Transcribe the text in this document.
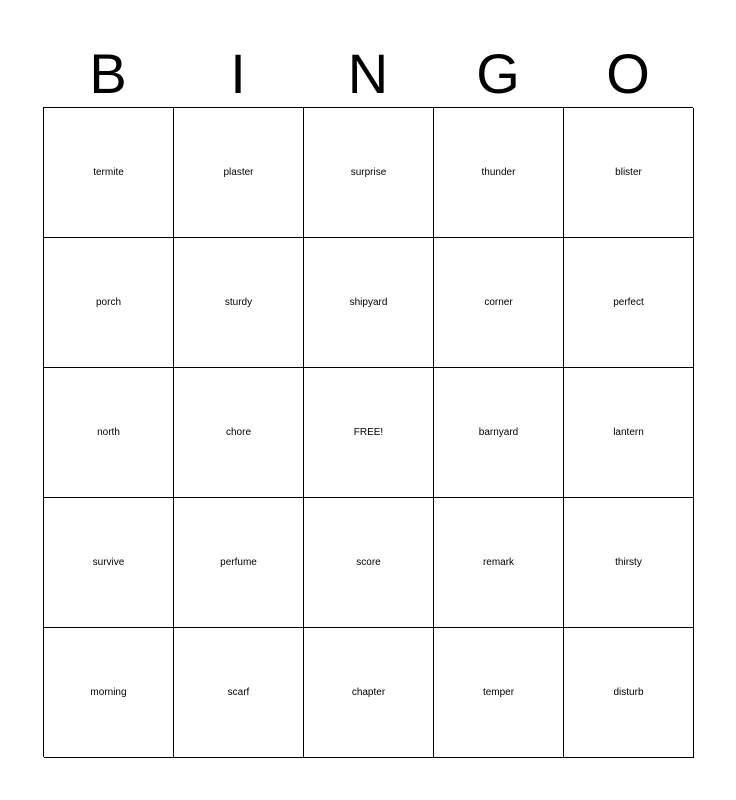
B	I	N	G	O
termite	plaster	surprise	thunder	blister
porch	sturdy	shipyard	corner	perfect
north	chore	FREE!	barnyard	lantern
survive	perfume	score	remark	thirsty
morning	scarf	chapter	temper	disturb
